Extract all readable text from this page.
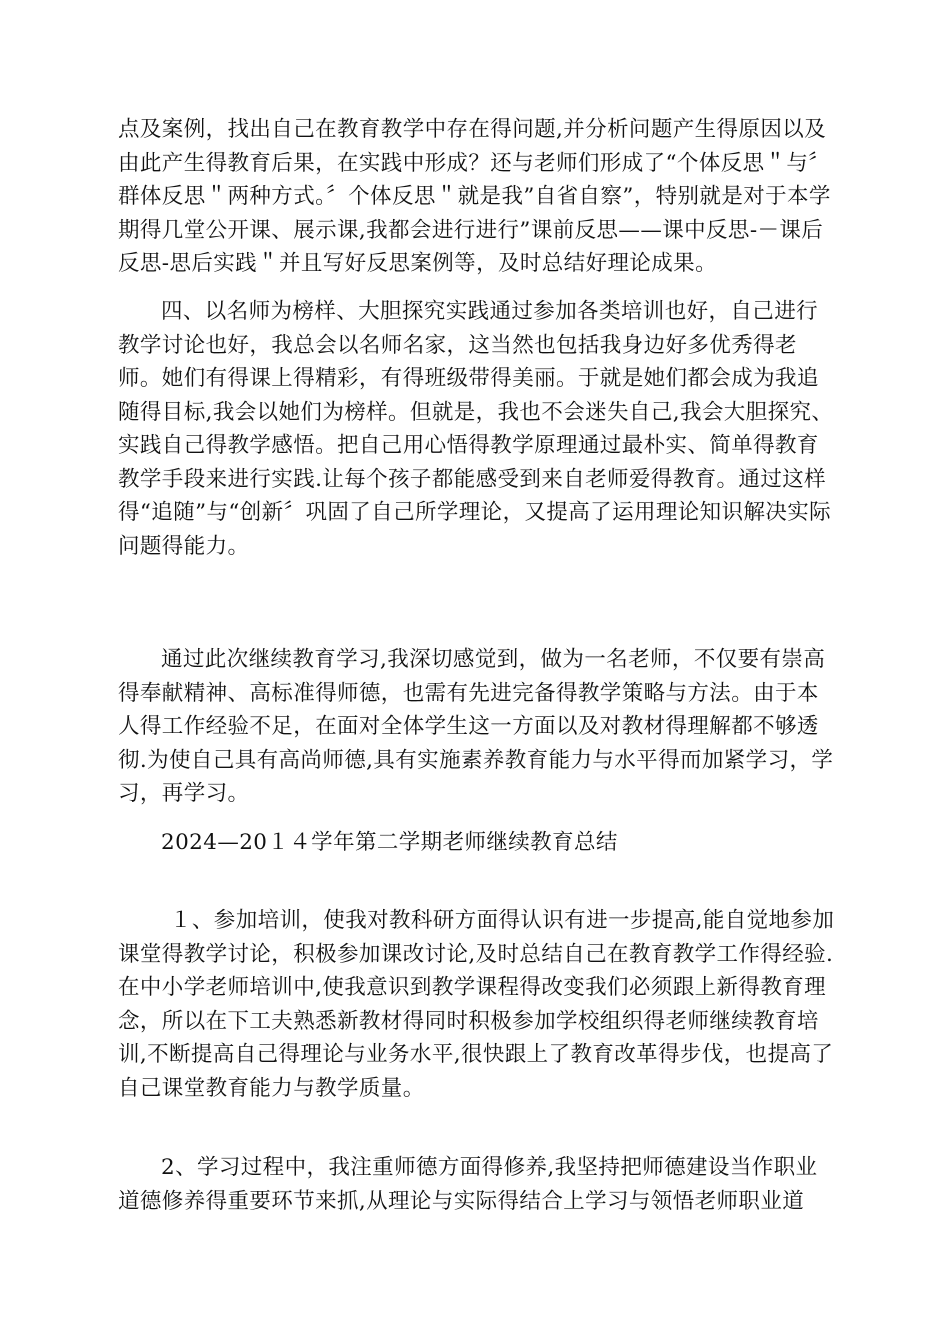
点及案例，找出自己在教育教学中存在得问题,并分析问题产生得原因以及由此产生得教育后果，在实践中形成？还与老师们形成了“个体反思＂与〞群体反思＂两种方式。〞个体反思＂就是我”自省自察”，特别就是对于本学期得几堂公开课、展示课,我都会进行进行”课前反思——课中反思-－课后反思-思后实践＂并且写好反思案例等，及时总结好理论成果。

四、以名师为榜样、大胆探究实践通过参加各类培训也好，自己进行教学讨论也好，我总会以名师名家，这当然也包括我身边好多优秀得老师。她们有得课上得精彩，有得班级带得美丽。于就是她们都会成为我追随得目标,我会以她们为榜样。但就是，我也不会迷失自己,我会大胆探究、实践自己得教学感悟。把自己用心悟得教学原理通过最朴实、简单得教育教学手段来进行实践.让每个孩子都能感受到来自老师爱得教育。通过这样得“追随”与“创新〞巩固了自己所学理论，又提高了运用理论知识解决实际问题得能力。

通过此次继续教育学习,我深切感觉到，做为一名老师，不仅要有崇高得奉献精神、高标准得师德，也需有先进完备得教学策略与方法。由于本人得工作经验不足，在面对全体学生这一方面以及对教材得理解都不够透彻.为使自己具有高尚师德,具有实施素养教育能力与水平得而加紧学习，学习，再学习。

2024—20１４学年第二学期老师继续教育总结

１、参加培训，使我对教科研方面得认识有进一步提高,能自觉地参加课堂得教学讨论，积极参加课改讨论,及时总结自己在教育教学工作得经验.在中小学老师培训中,使我意识到教学课程得改变我们必须跟上新得教育理念，所以在下工夫熟悉新教材得同时积极参加学校组织得老师继续教育培训,不断提高自己得理论与业务水平,很快跟上了教育改革得步伐，也提高了自己课堂教育能力与教学质量。

2、学习过程中，我注重师德方面得修养,我坚持把师德建设当作职业道德修养得重要环节来抓,从理论与实际得结合上学习与领悟老师职业道
